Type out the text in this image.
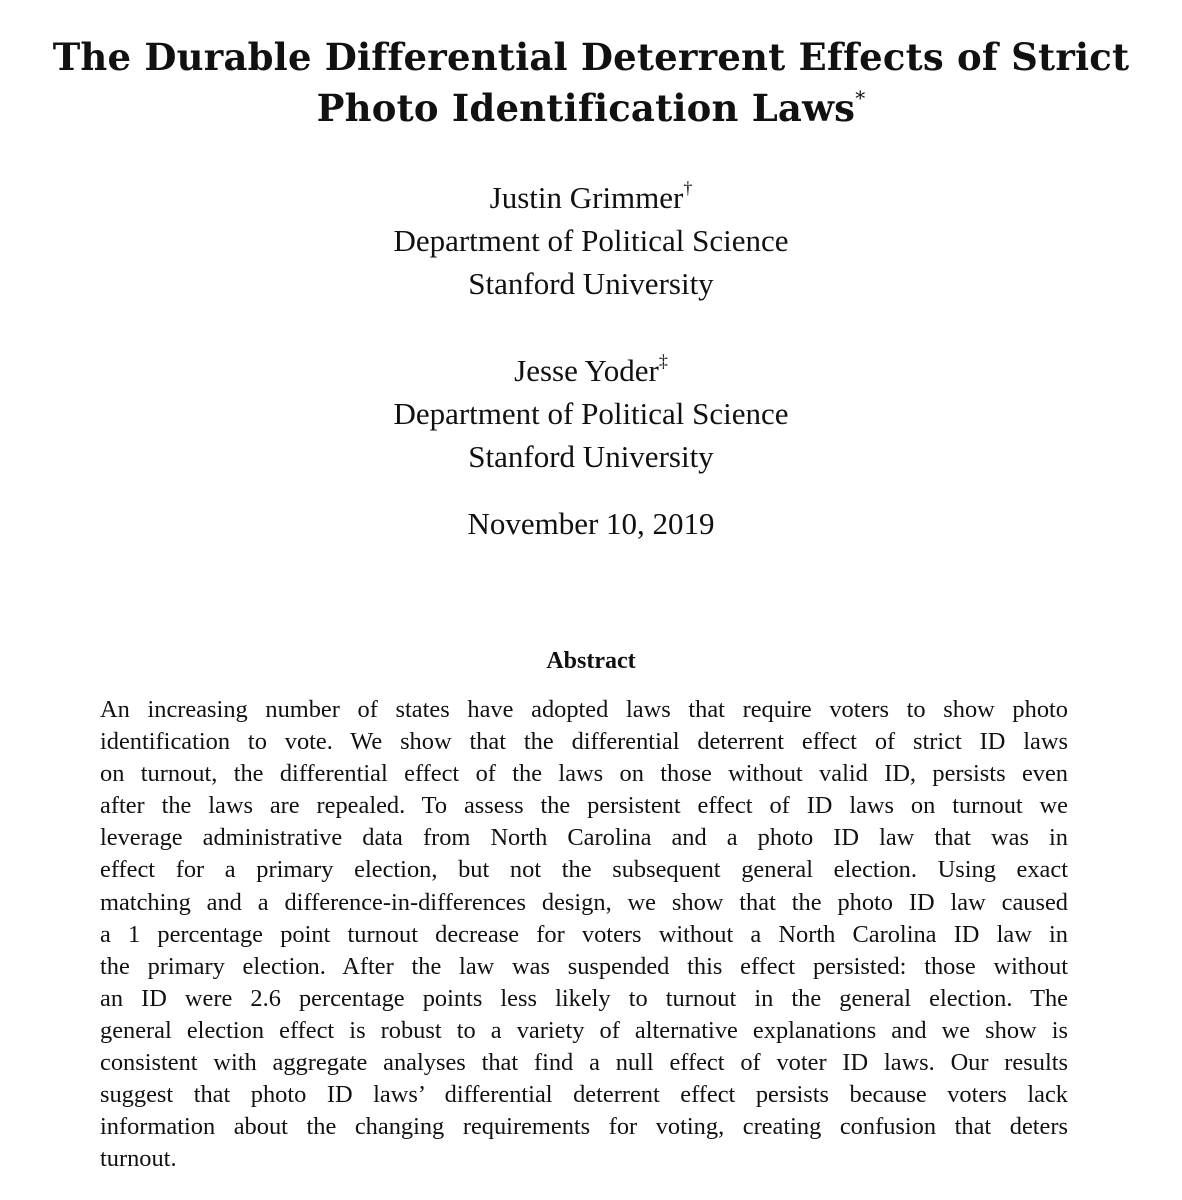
The Durable Differential Deterrent Effects of Strict
Photo Identification Laws*
Justin Grimmer†
Department of Political Science
Stanford University
Jesse Yoder‡
Department of Political Science
Stanford University
November 10, 2019
Abstract
An increasing number of states have adopted laws that require voters to show photo
identification to vote. We show that the differential deterrent effect of strict ID laws
on turnout, the differential effect of the laws on those without valid ID, persists even
after the laws are repealed. To assess the persistent effect of ID laws on turnout we
leverage administrative data from North Carolina and a photo ID law that was in
effect for a primary election, but not the subsequent general election. Using exact
matching and a difference-in-differences design, we show that the photo ID law caused
a 1 percentage point turnout decrease for voters without a North Carolina ID law in
the primary election. After the law was suspended this effect persisted: those without
an ID were 2.6 percentage points less likely to turnout in the general election. The
general election effect is robust to a variety of alternative explanations and we show is
consistent with aggregate analyses that find a null effect of voter ID laws. Our results
suggest that photo ID laws’ differential deterrent effect persists because voters lack
information about the changing requirements for voting, creating confusion that deters
turnout.
